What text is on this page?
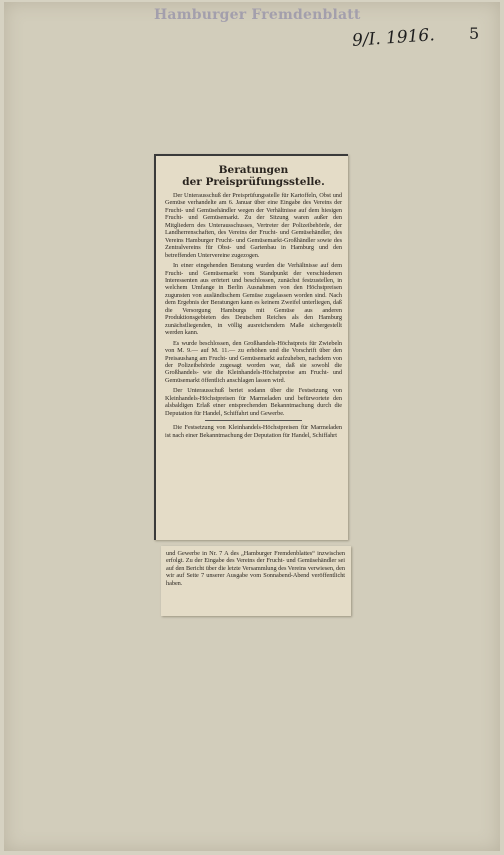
Hamburger Fremdenblatt
9/I. 1916. 5
Beratungen
der Preisprüfungsstelle.

Der Unterausschuß der Preisprüfungsstelle für Kartoffeln, Obst und Gemüse verhandelte am 6. Januar über eine Eingabe des Vereins der Frucht- und Gemüsehändler wegen der Verhältnisse auf dem hiesigen Frucht- und Gemüsemarkt. Zu der Sitzung waren außer den Mitgliedern des Unterausschusses, Vertreter der Polizeibehörde, der Landherrenschaften, des Vereins der Frucht- und Gemüsehändler, des Vereins Hamburger Frucht- und Gemüsemarkt-Großhändler sowie des Zentralvereins für Obst- und Gartenbau in Hamburg und den betreffenden Untervereine zugezogen.

In einer eingehenden Beratung wurden die Verhältnisse auf dem Frucht- und Gemüsemarkt vom Standpunkt der verschiedenen Interessenten aus erörtert und beschlossen, zunächst festzustellen, in welchem Umfange in Berlin Ausnahmen von den Höchstpreisen zugunsten von ausländischem Gemüse zugelassen worden sind. Nach dem Ergebnis der Beratungen kann es keinem Zweifel unterliegen, daß die Versorgung Hamburgs mit Gemüse aus anderen Produktionsgebieten des Deutschen Reiches als den Hamburg zunächstliegenden, in völlig ausreichendem Maße sichergestellt werden kann.

Es wurde beschlossen, den Großhandels-Höchstpreis für Zwiebeln von M. 9.— auf M. 11.— zu erhöhen und die Vorschrift über den Preisaushang am Frucht- und Gemüsemarkt aufzuheben, nachdem von der Polizeibehörde zugesagt worden war, daß sie sowohl die Großhandels- wie die Kleinhandels-Höchstpreise am Frucht- und Gemüsemarkt öffentlich anschlagen lassen wird.

Der Unterausschuß beriet sodann über die Festsetzung von Kleinhandels-Höchstpreisen für Marmeladen und befürwortete den alsbaldigen Erlaß einer entsprechenden Bekanntmachung durch die Deputation für Handel, Schiffahrt und Gewerbe.

Die Festsetzung von Kleinhandels-Höchstpreisen für Marmeladen ist nach einer Bekanntmachung der Deputation für Handel, Schiffahrt

und Gewerbe in Nr. 7 A des „Hamburger Fremdenblattes“ inzwischen erfolgt. Zu der Eingabe des Vereins der Frucht- und Gemüsehändler sei auf den Bericht über die letzte Versammlung des Vereins verwiesen, den wir auf Seite 7 unserer Ausgabe vom Sonnabend-Abend veröffentlicht haben.
